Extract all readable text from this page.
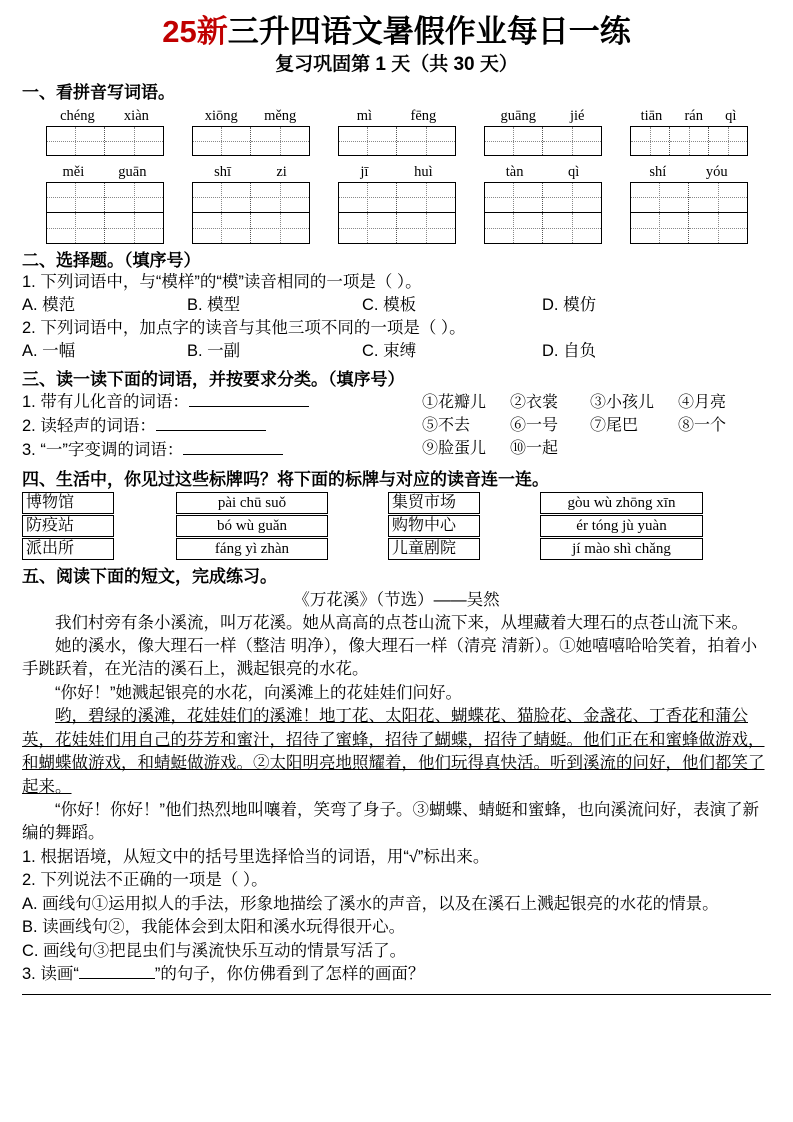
25新三升四语文暑假作业每日一练
复习巩固第 1 天（共 30 天）
一、看拼音写词语。
chéng xiàn	xiōng měng	mì	fēng	guāng jié	tiān rán qì
měi guān	shī	zi	jī	huì	tàn	qì	shí	yóu
二、选择题。（填序号）
1. 下列词语中，与“模样”的“模”读音相同的一项是（ ）。
A. 模范	B. 模型	C. 模板	D. 模仿
2. 下列词语中，加点字的读音与其他三项不同的一项是（ ）。
A. 一幅	B. 一副	C. 束缚	D. 自负
三、读一读下面的词语，并按要求分类。（填序号）
1. 带有儿化音的词语：
2. 读轻声的词语：
3. “一”字变调的词语：
①花瓣儿	②衣裳	③小孩儿	④月亮
⑤不去	⑥一号	⑦尾巴	⑧一个
⑨脸蛋儿	⑩一起
四、生活中，你见过这些标牌吗？将下面的标牌与对应的读音连一连。
博物馆	pài chū suǒ	集贸市场	gòu wù zhōng xīn
防疫站	bó wù guǎn	购物中心	ér tóng jù yuàn
派出所	fáng yì zhàn	儿童剧院	jí mào shì chǎng
五、阅读下面的短文，完成练习。
《万花溪》（节选）——吴然

我们村旁有条小溪流，叫万花溪。她从高高的点苍山流下来，从埋藏着大理石的点苍山流下来。

她的溪水，像大理石一样（整洁 明净），像大理石一样（清亮 清新）。①她嘻嘻哈哈笑着，拍着小手跳跃着，在光洁的溪石上，溅起银亮的水花。

“你好！”她溅起银亮的水花，向溪滩上的花娃娃们问好。

哟，碧绿的溪滩，花娃娃们的溪滩！地丁花、太阳花、蝴蝶花、猫脸花、金盏花、丁香花和蒲公英，花娃娃们用自己的芬芳和蜜汁，招待了蜜蜂，招待了蝴蝶，招待了蜻蜓。他们正在和蜜蜂做游戏，和蝴蝶做游戏，和蜻蜓做游戏。②太阳明亮地照耀着，他们玩得真快活。听到溪流的问好，他们都笑了起来。

“你好！你好！”他们热烈地叫嚷着，笑弯了身子。③蝴蝶、蜻蜓和蜜蜂，也向溪流问好，表演了新编的舞蹈。

1. 根据语境，从短文中的括号里选择恰当的词语，用“√”标出来。

2. 下列说法不正确的一项是（ ）。

A. 画线句①运用拟人的手法，形象地描绘了溪水的声音，以及在溪石上溅起银亮的水花的情景。

B. 读画线句②，我能体会到太阳和溪水玩得很开心。

C. 画线句③把昆虫们与溪流快乐互动的情景写活了。

3. 读画“	”的句子，你仿佛看到了怎样的画面？
